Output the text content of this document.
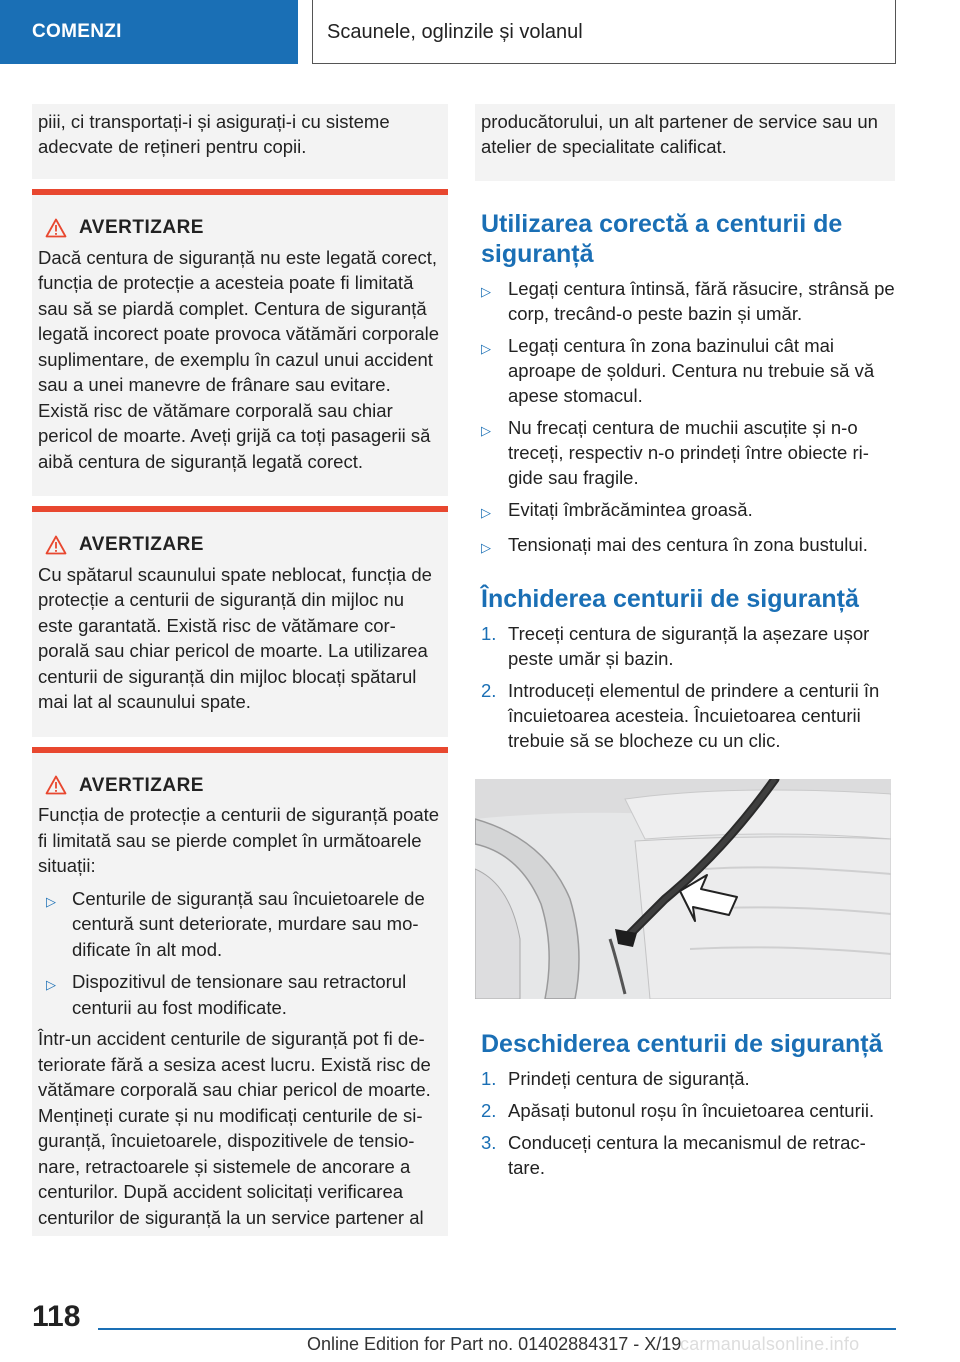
COMENZI	Scaunele, oglinzile și volanul

piii, ci transportați-i și asigurați-i cu sisteme adecvate de rețineri pentru copii.

AVERTIZARE

Dacă centura de siguranță nu este legată corect, funcția de protecție a acesteia poate fi limitată sau să se piardă complet. Centura de siguranță legată incorect poate provoca vătămări corporale suplimentare, de exemplu în cazul unui accident sau a unei manevre de frânare sau evitare. Există risc de vătămare corporală sau chiar pericol de moarte. Aveți grijă ca toți pasagerii să aibă centura de siguranță legată corect.

AVERTIZARE

Cu spătarul scaunului spate neblocat, funcția de protecție a centurii de siguranță din mijloc nu este garantată. Există risc de vătămare corporală sau chiar pericol de moarte. La utilizarea centurii de siguranță din mijloc blocați spătarul mai lat al scaunului spate.

AVERTIZARE

Funcția de protecție a centurii de siguranță poate fi limitată sau se pierde complet în următoarele situații:

▷ Centurile de siguranță sau încuietoarele de centură sunt deteriorate, murdare sau modificate în alt mod.
▷ Dispozitivul de tensionare sau retractorul centurii au fost modificate.

Într-un accident centurile de siguranță pot fi deteriorate fără a sesiza acest lucru. Există risc de vătămare corporală sau chiar pericol de moarte. Mențineți curate și nu modificați centurile de siguranță, încuietoarele, dispozitivele de tensionare, retractoarele și sistemele de ancorare a centurilor. După accident solicitați verificarea centurilor de siguranță la un service partener al

producătorului, un alt partener de service sau un atelier de specialitate calificat.

Utilizarea corectă a centurii de siguranță
▷ Legați centura întinsă, fără răsucire, strânsă pe corp, trecând-o peste bazin și umăr.
▷ Legați centura în zona bazinului cât mai aproape de șolduri. Centura nu trebuie să vă apese stomacul.
▷ Nu frecați centura de muchii ascuțite și n-o treceți, respectiv n-o prindeți între obiecte rigide sau fragile.
▷ Evitați îmbrăcămintea groasă.
▷ Tensionați mai des centura în zona bustului.
Închiderea centurii de siguranță
1. Treceți centura de siguranță la așezare ușor peste umăr și bazin.
2. Introduceți elementul de prindere a centurii în încuietoarea acesteia. Încuietoarea centurii trebuie să se blocheze cu un clic.
Deschiderea centurii de siguranță
1. Prindeți centura de siguranță.
2. Apăsați butonul roșu în încuietoarea centurii.
3. Conduceți centura la mecanismul de retractare.
118
Online Edition for Part no. 01402884317 - X/19
carmanualsonline.info
